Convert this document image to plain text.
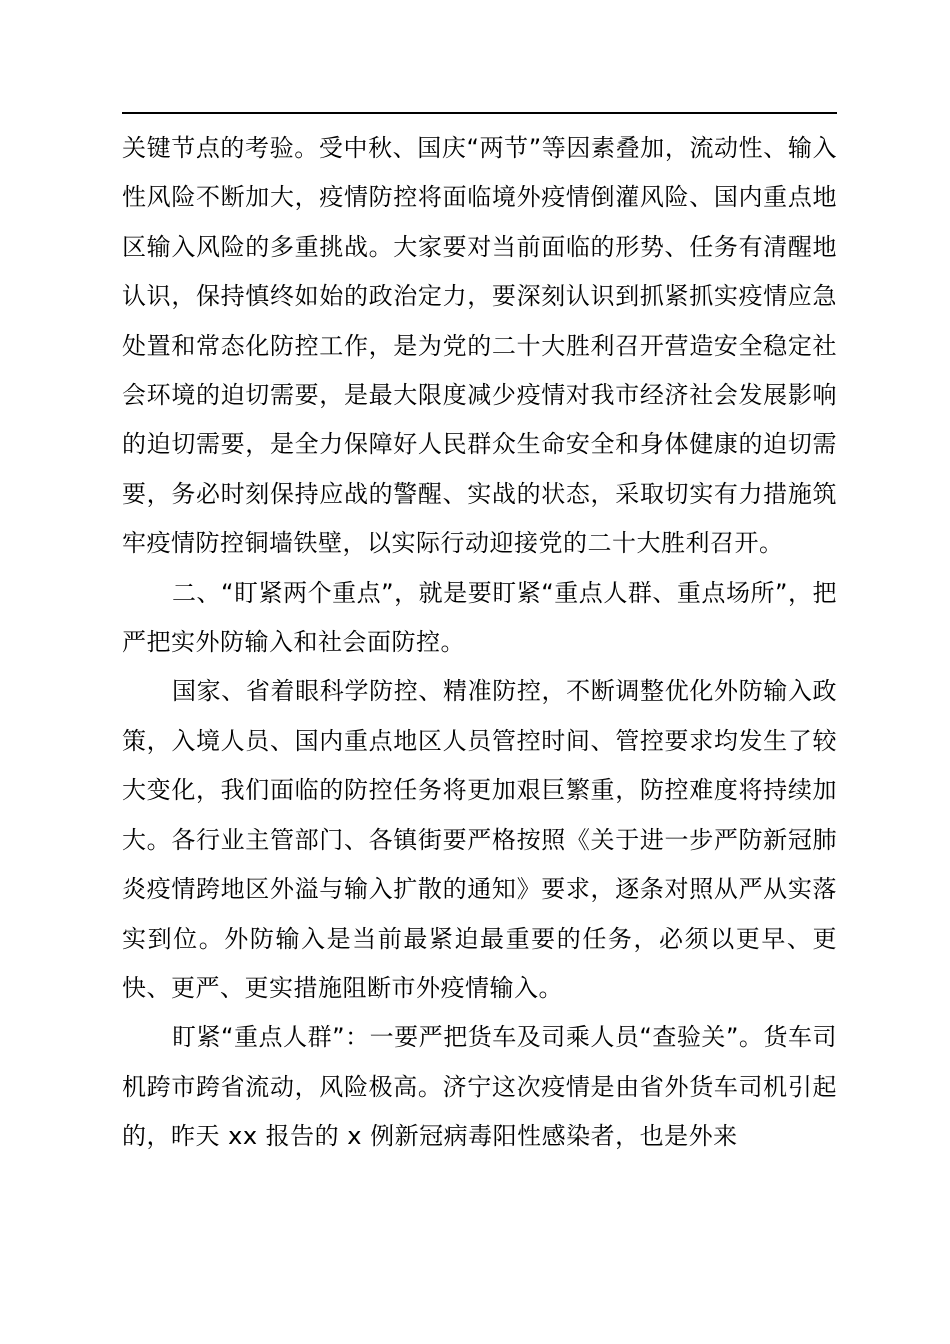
关键节点的考验。受中秋、国庆“两节”等因素叠加，流动性、输入性风险不断加大，疫情防控将面临境外疫情倒灌风险、国内重点地区输入风险的多重挑战。大家要对当前面临的形势、任务有清醒地认识，保持慎终如始的政治定力，要深刻认识到抓紧抓实疫情应急处置和常态化防控工作，是为党的二十大胜利召开营造安全稳定社会环境的迫切需要，是最大限度减少疫情对我市经济社会发展影响的迫切需要，是全力保障好人民群众生命安全和身体健康的迫切需要，务必时刻保持应战的警醒、实战的状态，采取切实有力措施筑牢疫情防控铜墙铁壁，以实际行动迎接党的二十大胜利召开。

二、“盯紧两个重点”，就是要盯紧“重点人群、重点场所”，把严把实外防输入和社会面防控。

国家、省着眼科学防控、精准防控，不断调整优化外防输入政策，入境人员、国内重点地区人员管控时间、管控要求均发生了较大变化，我们面临的防控任务将更加艰巨繁重，防控难度将持续加大。各行业主管部门、各镇街要严格按照《关于进一步严防新冠肺炎疫情跨地区外溢与输入扩散的通知》要求，逐条对照从严从实落实到位。外防输入是当前最紧迫最重要的任务，必须以更早、更快、更严、更实措施阻断市外疫情输入。

盯紧“重点人群”：一要严把货车及司乘人员“查验关”。货车司机跨市跨省流动，风险极高。济宁这次疫情是由省外货车司机引起的，昨天 xx 报告的 x 例新冠病毒阳性感染者，也是外来
